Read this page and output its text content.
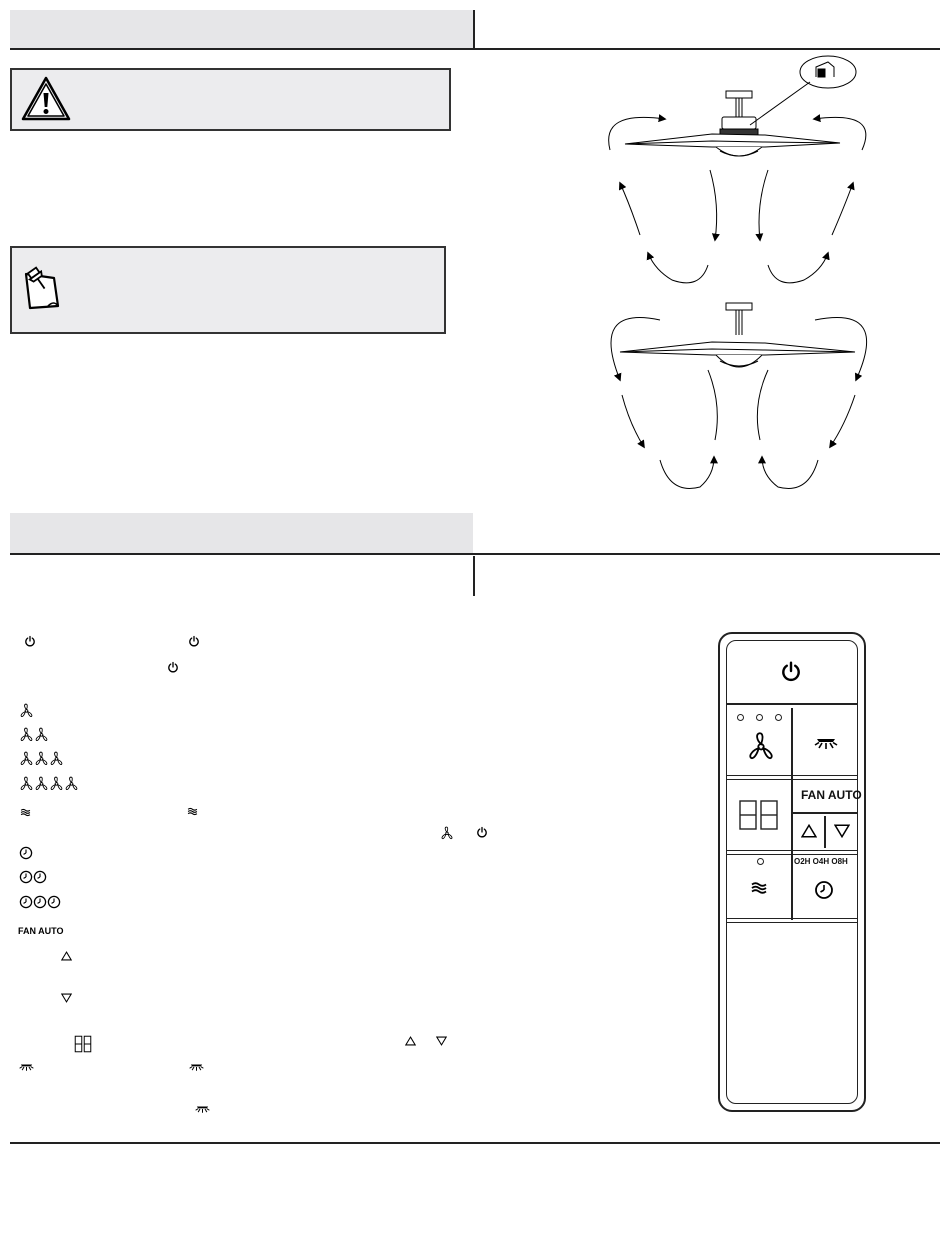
FAN AUTO
FAN AUTO
O2H O4H O8H
